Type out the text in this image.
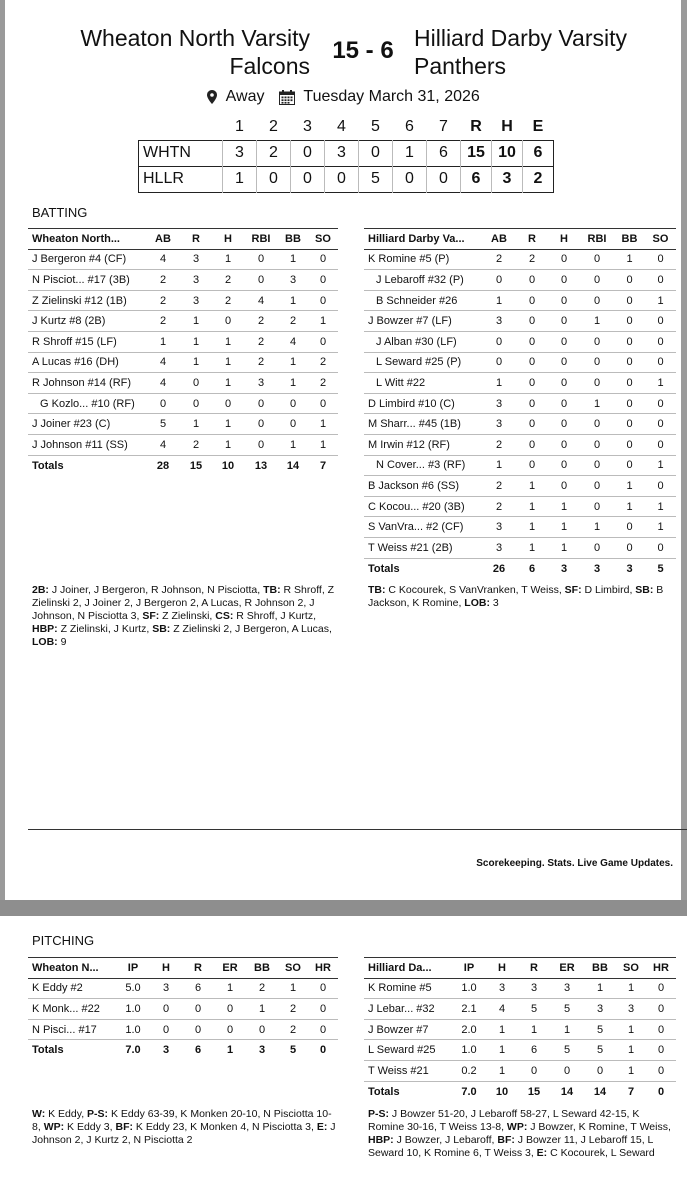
Wheaton North Varsity
Falcons
15 - 6 Hilliard Darby Varsity
Panthers
Away Tuesday March 31, 2026
	1	2	3	4	5	6	7	R	H	E
WHTN	3	2	0	3	0	1	6	15	10	6
HLLR	1	0	0	0	5	0	0	6	3	2
BATTING
Wheaton North...	AB	R	H	RBI	BB	SO
J Bergeron #4 (CF)	4	3	1	0	1	0
N Pisciot... #17 (3B)	2	3	2	0	3	0
Z Zielinski #12 (1B)	2	3	2	4	1	0
J Kurtz #8 (2B)	2	1	0	2	2	1
R Shroff #15 (LF)	1	1	1	2	4	0
A Lucas #16 (DH)	4	1	1	2	1	2
R Johnson #14 (RF)	4	0	1	3	1	2
G Kozlo... #10 (RF)	0	0	0	0	0	0
J Joiner #23 (C)	5	1	1	0	0	1
J Johnson #11 (SS)	4	2	1	0	1	1
Totals	28	15	10	13	14	7
Hilliard Darby Va...	AB	R	H	RBI	BB	SO
K Romine #5 (P)	2	2	0	0	1	0
J Lebaroff #32 (P)	0	0	0	0	0	0
B Schneider #26	1	0	0	0	0	1
J Bowzer #7 (LF)	3	0	0	1	0	0
J Alban #30 (LF)	0	0	0	0	0	0
L Seward #25 (P)	0	0	0	0	0	0
L Witt #22	1	0	0	0	0	1
D Limbird #10 (C)	3	0	0	1	0	0
M Sharr... #45 (1B)	3	0	0	0	0	0
M Irwin #12 (RF)	2	0	0	0	0	0
N Cover... #3 (RF)	1	0	0	0	0	1
B Jackson #6 (SS)	2	1	0	0	1	0
C Kocou... #20 (3B)	2	1	1	0	1	1
S VanVra... #2 (CF)	3	1	1	1	0	1
T Weiss #21 (2B)	3	1	1	0	0	0
Totals	26	6	3	3	3	5
2B: J Joiner, J Bergeron, R Johnson, N Pisciotta, TB: R Shroff, Z Zielinski 2, J Joiner 2, J Bergeron 2, A Lucas, R Johnson 2, J Johnson, N Pisciotta 3, SF: Z Zielinski, CS: R Shroff, J Kurtz, HBP: Z Zielinski, J Kurtz, SB: Z Zielinski 2, J Bergeron, A Lucas, LOB: 9
TB: C Kocourek, S VanVranken, T Weiss, SF: D Limbird, SB: B Jackson, K Romine, LOB: 3
Scorekeeping. Stats. Live Game Updates.
PITCHING
Wheaton N...	IP	H	R	ER	BB	SO	HR
K Eddy #2	5.0	3	6	1	2	1	0
K Monk... #22	1.0	0	0	0	1	2	0
N Pisci... #17	1.0	0	0	0	0	2	0
Totals	7.0	3	6	1	3	5	0
Hilliard Da...	IP	H	R	ER	BB	SO	HR
K Romine #5	1.0	3	3	3	1	1	0
J Lebar... #32	2.1	4	5	5	3	3	0
J Bowzer #7	2.0	1	1	1	5	1	0
L Seward #25	1.0	1	6	5	5	1	0
T Weiss #21	0.2	1	0	0	0	1	0
Totals	7.0	10	15	14	14	7	0
W: K Eddy, P-S: K Eddy 63-39, K Monken 20-10, N Pisciotta 10-8, WP: K Eddy 3, BF: K Eddy 23, K Monken 4, N Pisciotta 3, E: J Johnson 2, J Kurtz 2, N Pisciotta 2
P-S: J Bowzer 51-20, J Lebaroff 58-27, L Seward 42-15, K Romine 30-16, T Weiss 13-8, WP: J Bowzer, K Romine, T Weiss, HBP: J Bowzer, J Lebaroff, BF: J Bowzer 11, J Lebaroff 15, L Seward 10, K Romine 6, T Weiss 3, E: C Kocourek, L Seward
